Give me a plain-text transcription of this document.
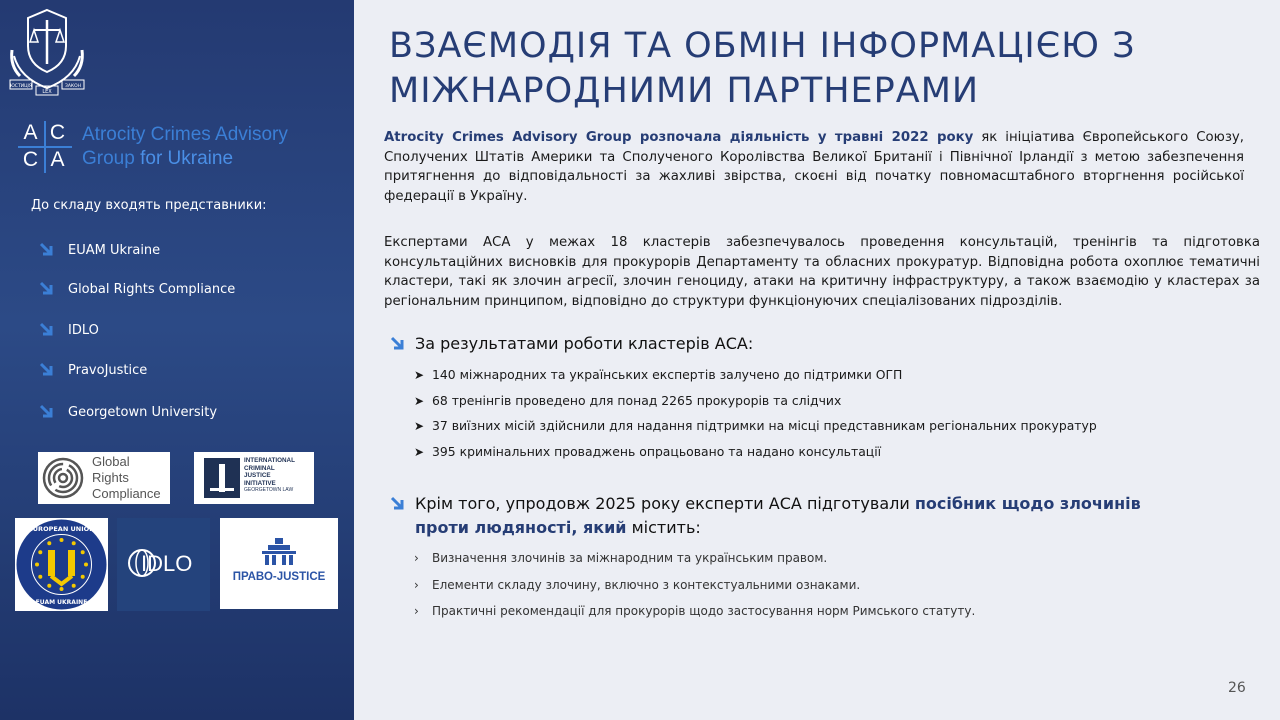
ЮСТИЦІЯ
LEX
ЗАКОН
A C
C A
Atrocity Crimes Advisory
Group for Ukraine
До складу входять представники:
EUAM Ukraine
Global Rights Compliance
IDLO
PravoJustice
Georgetown University
Global
Rights
Compliance
INTERNATIONAL
CRIMINAL
JUSTICE
INITIATIVE
GEORGETOWN LAW
EUROPEAN UNION
EUAM UKRAINE
IDLO
ПРАВО-JUSTICE
ВЗАЄМОДІЯ ТА ОБМІН ІНФОРМАЦІЄЮ З
МІЖНАРОДНИМИ ПАРТНЕРАМИ

Atrocity Crimes Advisory Group розпочала діяльність у травні 2022 року як ініціатива Європейського Союзу, Сполучених Штатів Америки та Сполученого Королівства Великої Британії і Північної Ірландії з метою забезпечення притягнення до відповідальності за жахливі звірства, скоєні від початку повномасштабного вторгнення російської федерації в Україну.

Експертами АСА у межах 18 кластерів забезпечувалось проведення консультацій, тренінгів та підготовка консультаційних висновків для прокурорів Департаменту та обласних прокуратур. Відповідна робота охоплює тематичні кластери, такі як злочин агресії, злочин геноциду, атаки на критичну інфраструктуру, а також взаємодію у кластерах за регіональним принципом, відповідно до структури функціонуючих спеціалізованих підрозділів.

За результатами роботи кластерів АСА:
➤ 140 міжнародних та українських експертів залучено до підтримки ОГП
➤ 68 тренінгів проведено для понад 2265 прокурорів та слідчих
➤ 37 виїзних місій здійснили для надання підтримки на місці представникам регіональних прокуратур
➤ 395 кримінальних проваджень опрацьовано та надано консультації
Крім того, упродовж 2025 року експерти АСА підготували посібник щодо злочинів
проти людяності, який містить:
›	Визначення злочинів за міжнародним та українським правом.
›	Елементи складу злочину, включно з контекстуальними ознаками.
›	Практичні рекомендації для прокурорів щодо застосування норм Римського статуту.
26
